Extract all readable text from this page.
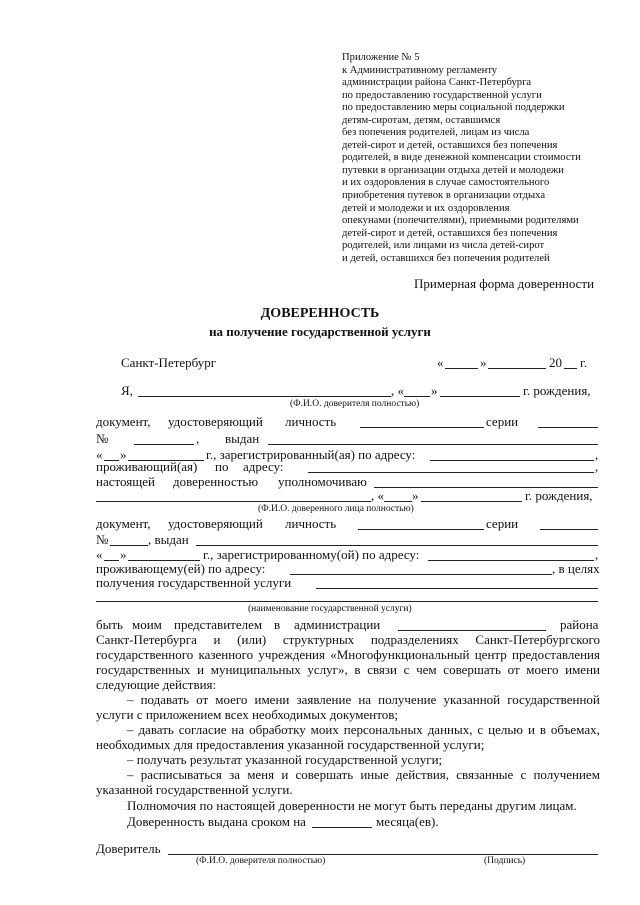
Приложение № 5
к Административному регламенту
администрации района Санкт-Петербурга
по предоставлению государственной услуги
по предоставлению меры социальной поддержки
детям-сиротам, детям, оставшимся
без попечения родителей, лицам из числа
детей-сирот и детей, оставшихся без попечения
родителей, в виде денежной компенсации стоимости
путевки в организации отдыха детей и молодежи
и их оздоровления в случае самостоятельного
приобретения путевок в организации отдыха
детей и молодежи и их оздоровления
опекунами (попечителями), приемными родителями
детей-сирот и детей, оставшихся без попечения
родителей, или лицами из числа детей-сирот
и детей, оставшихся без попечения родителей
Примерная форма доверенности
ДОВЕРЕННОСТЬ
на получение государственной услуги
Санкт-Петербург	«	»	20 г.
Я,	, « »	г. рождения,
(Ф.И.О. доверителя полностью)
документ, удостоверяющий личность	серии
№	, выдан
« »	г., зарегистрированный(ая) по адресу:	,
проживающий(ая) по адресу:	,
настоящей доверенностью уполномочиваю
, « »	г. рождения,
(Ф.И.О. доверенного лица полностью)
документ, удостоверяющий личность	серии
№	, выдан
« »	г., зарегистрированному(ой) по адресу:	,
проживающему(ей) по адресу:	, в целях
получения государственной услуги
(наименование государственной услуги)
быть моим представителем в администрации	района
Санкт-Петербурга и (или) структурных подразделениях Санкт-Петербургского
государственного казенного учреждения «Многофункциональный центр предоставления
государственных и муниципальных услуг», в связи с чем совершать от моего имени
следующие действия:
– подавать от моего имени заявление на получение указанной государственной
услуги с приложением всех необходимых документов;
– давать согласие на обработку моих персональных данных, с целью и в объемах,
необходимых для предоставления указанной государственной услуги;
– получать результат указанной государственной услуги;
– расписываться за меня и совершать иные действия, связанные с получением
указанной государственной услуги.
Полномочия по настоящей доверенности не могут быть переданы другим лицам.
Доверенность выдана сроком на	месяца(ев).
Доверитель
(Ф.И.О. доверителя полностью)	(Подпись)
